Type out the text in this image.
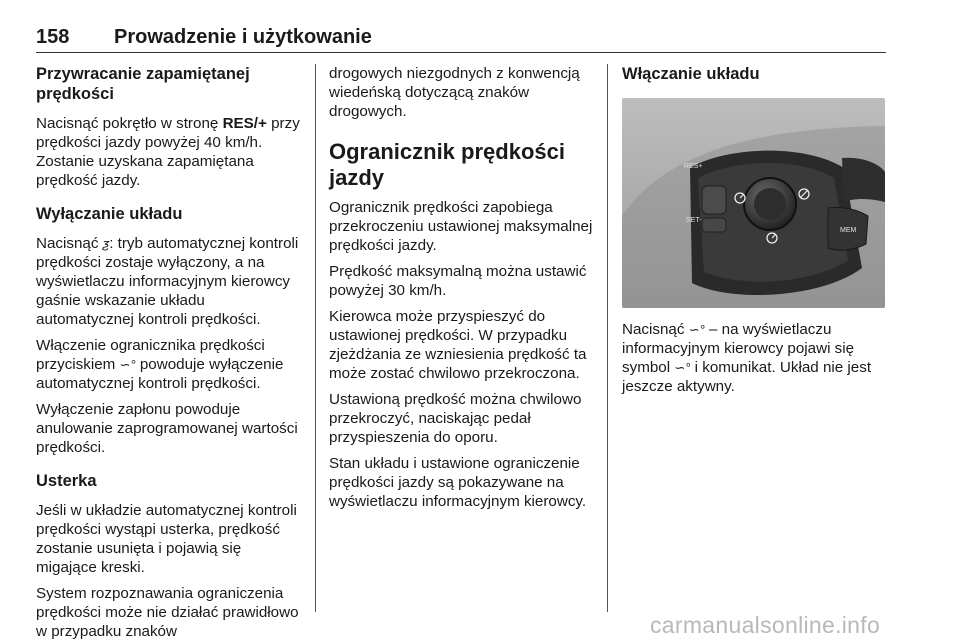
158 Prowadzenie i użytkowanie
Przywracanie zapamiętanej prędkości

Nacisnąć pokrętło w stronę RES/+ przy prędkości jazdy powyżej 40 km/h. Zostanie uzyskana zapamiętana prędkość jazdy.

Wyłączanie układu

Nacisnąć ƺ: tryb automatycznej kontroli prędkości zostaje wyłączony, a na wyświetlaczu informacyjnym kierowcy gaśnie wskazanie układu automatycznej kontroli prędkości.

Włączenie ogranicznika prędkości przyciskiem ∽° powoduje wyłączenie automatycznej kontroli prędkości.

Wyłączenie zapłonu powoduje anulowanie zaprogramowanej wartości prędkości.

Usterka

Jeśli w układzie automatycznej kontroli prędkości wystąpi usterka, prędkość zostanie usunięta i pojawią się migające kreski.

System rozpoznawania ograniczenia prędkości może nie działać prawidłowo w przypadku znaków

drogowych niezgodnych z konwencją wiedeńską dotyczącą znaków drogowych.

Ogranicznik prędkości jazdy

Ogranicznik prędkości zapobiega przekroczeniu ustawionej maksymalnej prędkości jazdy.

Prędkość maksymalną można ustawić powyżej 30 km/h.

Kierowca może przyspieszyć do ustawionej prędkości. W przypadku zjeżdżania ze wzniesienia prędkość ta może zostać chwilowo przekroczona.

Ustawioną prędkość można chwilowo przekroczyć, naciskając pedał przyspieszenia do oporu.

Stan układu i ustawione ograniczenie prędkości jazdy są pokazywane na wyświetlaczu informacyjnym kierowcy.

Włączanie układu
RES+
SET-
MEM

Nacisnąć ∽° – na wyświetlaczu informacyjnym kierowcy pojawi się symbol ∽° i komunikat. Układ nie jest jeszcze aktywny.

carmanualsonline.info
